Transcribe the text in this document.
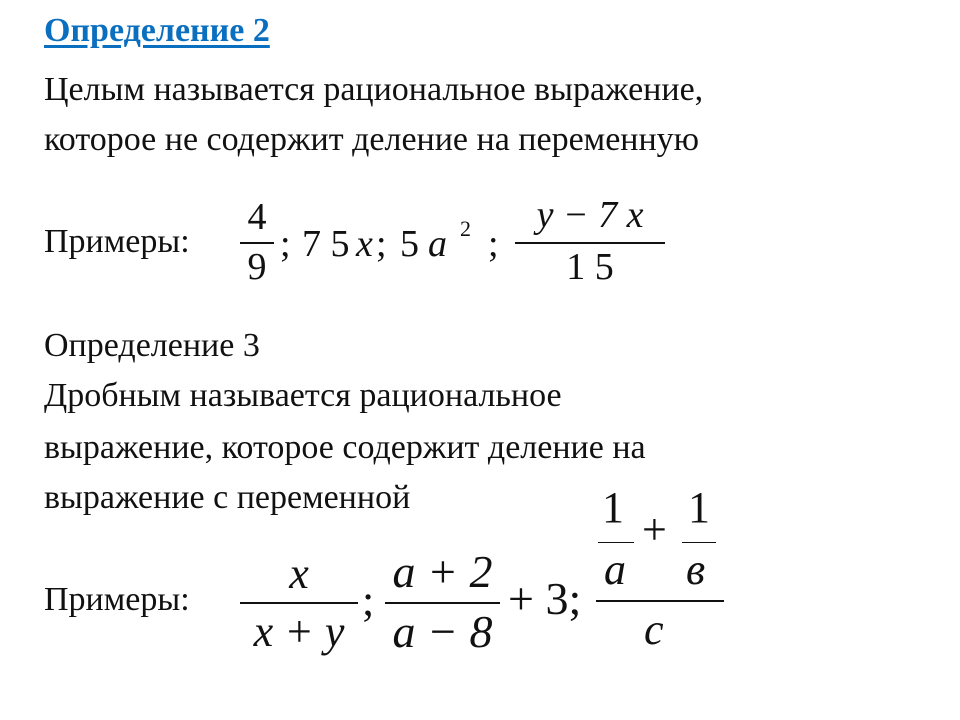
Определение 2
Целым называется рациональное выражение,
которое не содержит деление на переменную
Примеры:
4
9
; 7 5 x ; 5 a 2 ;
y − 7 x
1 5
Определение 3
Дробным называется рациональное
выражение, которое содержит деление на
выражение с переменной
Примеры:
x
x + y
;
a + 2
a − 8
+ 3;
1
a
+ 1
в
c
